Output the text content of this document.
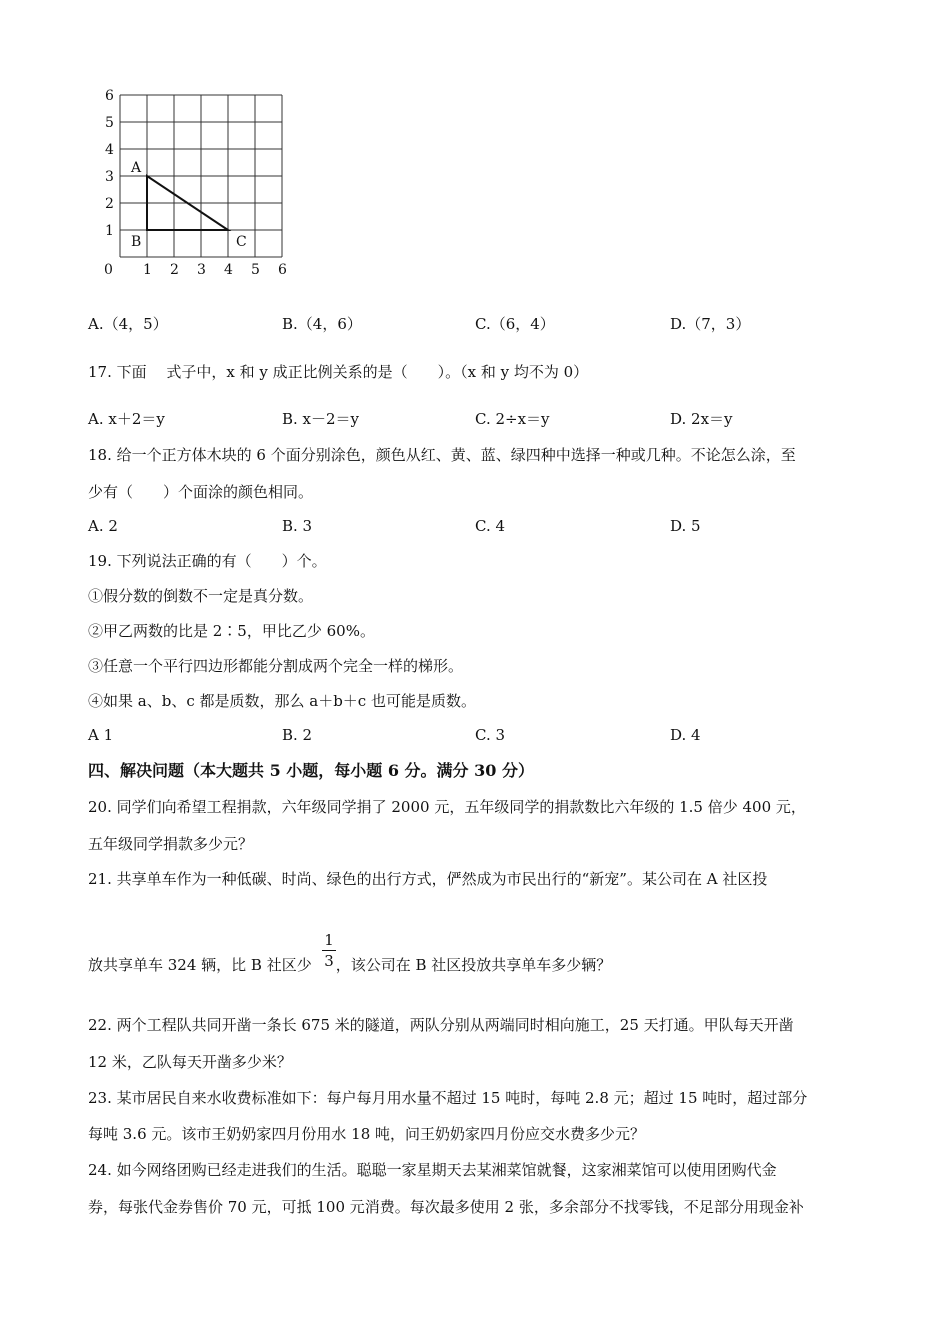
0 1 2 3 4 5 6
1
2
3
4
5
6
A
B	C
A.（4，5）	B.（4，6）	C.（6，4）	D.（7，3）
17. 下面 　式子中，x 和 y 成正比例关系的是（　　）。（x 和 y 均不为 0）
A. x＋2＝y	B. x－2＝y	C. 2÷x＝y	D. 2x＝y
18. 给一个正方体木块的 6 个面分别涂色，颜色从红、黄、蓝、绿四种中选择一种或几种。不论怎么涂，至
少有（　　）个面涂的颜色相同。
A. 2	B. 3	C. 4	D. 5
19. 下列说法正确的有（　　）个。
①假分数的倒数不一定是真分数。
②甲乙两数的比是 2∶5，甲比乙少 60%。
③任意一个平行四边形都能分割成两个完全一样的梯形。
④如果 a、b、c 都是质数，那么 a＋b＋c 也可能是质数。
A 1	B. 2	C. 3	D. 4
四、解决问题（本大题共 5 小题，每小题 6 分。满分 30 分）
20. 同学们向希望工程捐款，六年级同学捐了 2000 元，五年级同学的捐款数比六年级的 1.5 倍少 400 元，
五年级同学捐款多少元？
21. 共享单车作为一种低碳、时尚、绿色的出行方式，俨然成为市民出行的“新宠”。某公司在 A 社区投
放共享单车 324 辆，比 B 社区少 ，该公司在 B 社区投放共享单车多少辆？
1
3
22. 两个工程队共同开凿一条长 675 米的隧道，两队分别从两端同时相向施工，25 天打通。甲队每天开凿
12 米，乙队每天开凿多少米？
23. 某市居民自来水收费标准如下：每户每月用水量不超过 15 吨时，每吨 2.8 元；超过 15 吨时，超过部分
每吨 3.6 元。该市王奶奶家四月份用水 18 吨，问王奶奶家四月份应交水费多少元？
24. 如今网络团购已经走进我们的生活。聪聪一家星期天去某湘菜馆就餐，这家湘菜馆可以使用团购代金
券，每张代金券售价 70 元，可抵 100 元消费。每次最多使用 2 张，多余部分不找零钱，不足部分用现金补
